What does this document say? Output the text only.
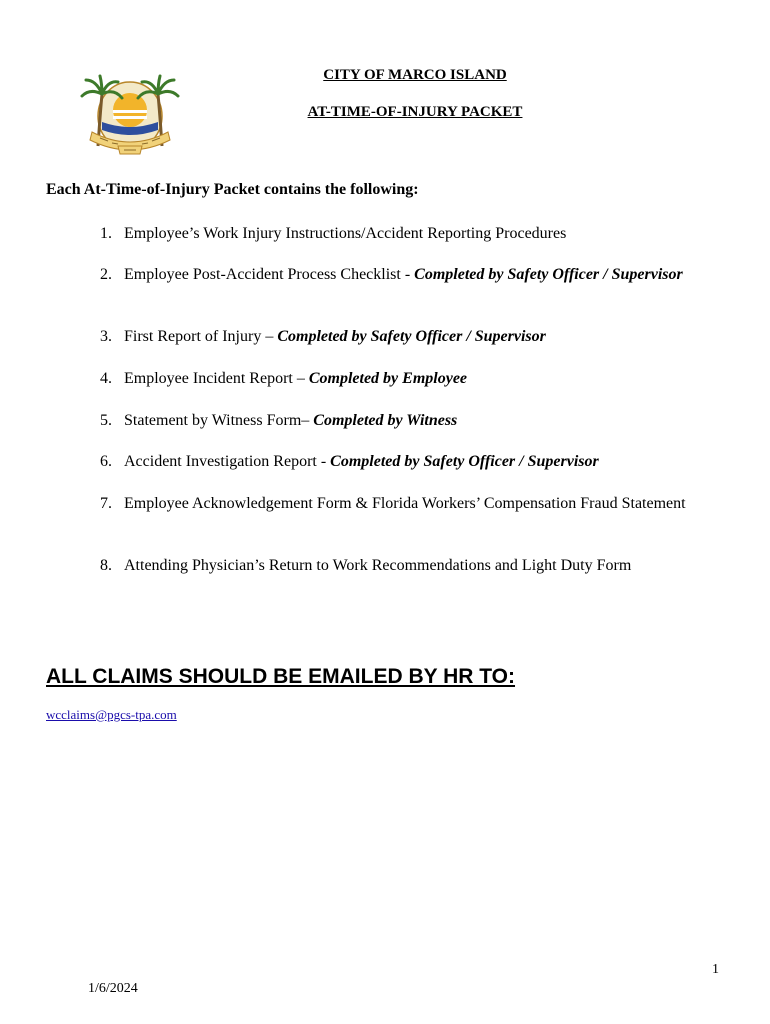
CITY OF MARCO ISLAND
AT-TIME-OF-INJURY PACKET
Each At-Time-of-Injury Packet contains the following:
1. Employee’s Work Injury Instructions/Accident Reporting Procedures
2. Employee Post-Accident Process Checklist - Completed by Safety Officer / Supervisor
3. First Report of Injury – Completed by Safety Officer / Supervisor
4. Employee Incident Report – Completed by Employee
5. Statement by Witness Form– Completed by Witness
6. Accident Investigation Report - Completed by Safety Officer / Supervisor
7. Employee Acknowledgement Form & Florida Workers’ Compensation Fraud Statement
8. Attending Physician’s Return to Work Recommendations and Light Duty Form
ALL CLAIMS SHOULD BE EMAILED BY HR TO:
wcclaims@pgcs-tpa.com
1
1/6/2024
